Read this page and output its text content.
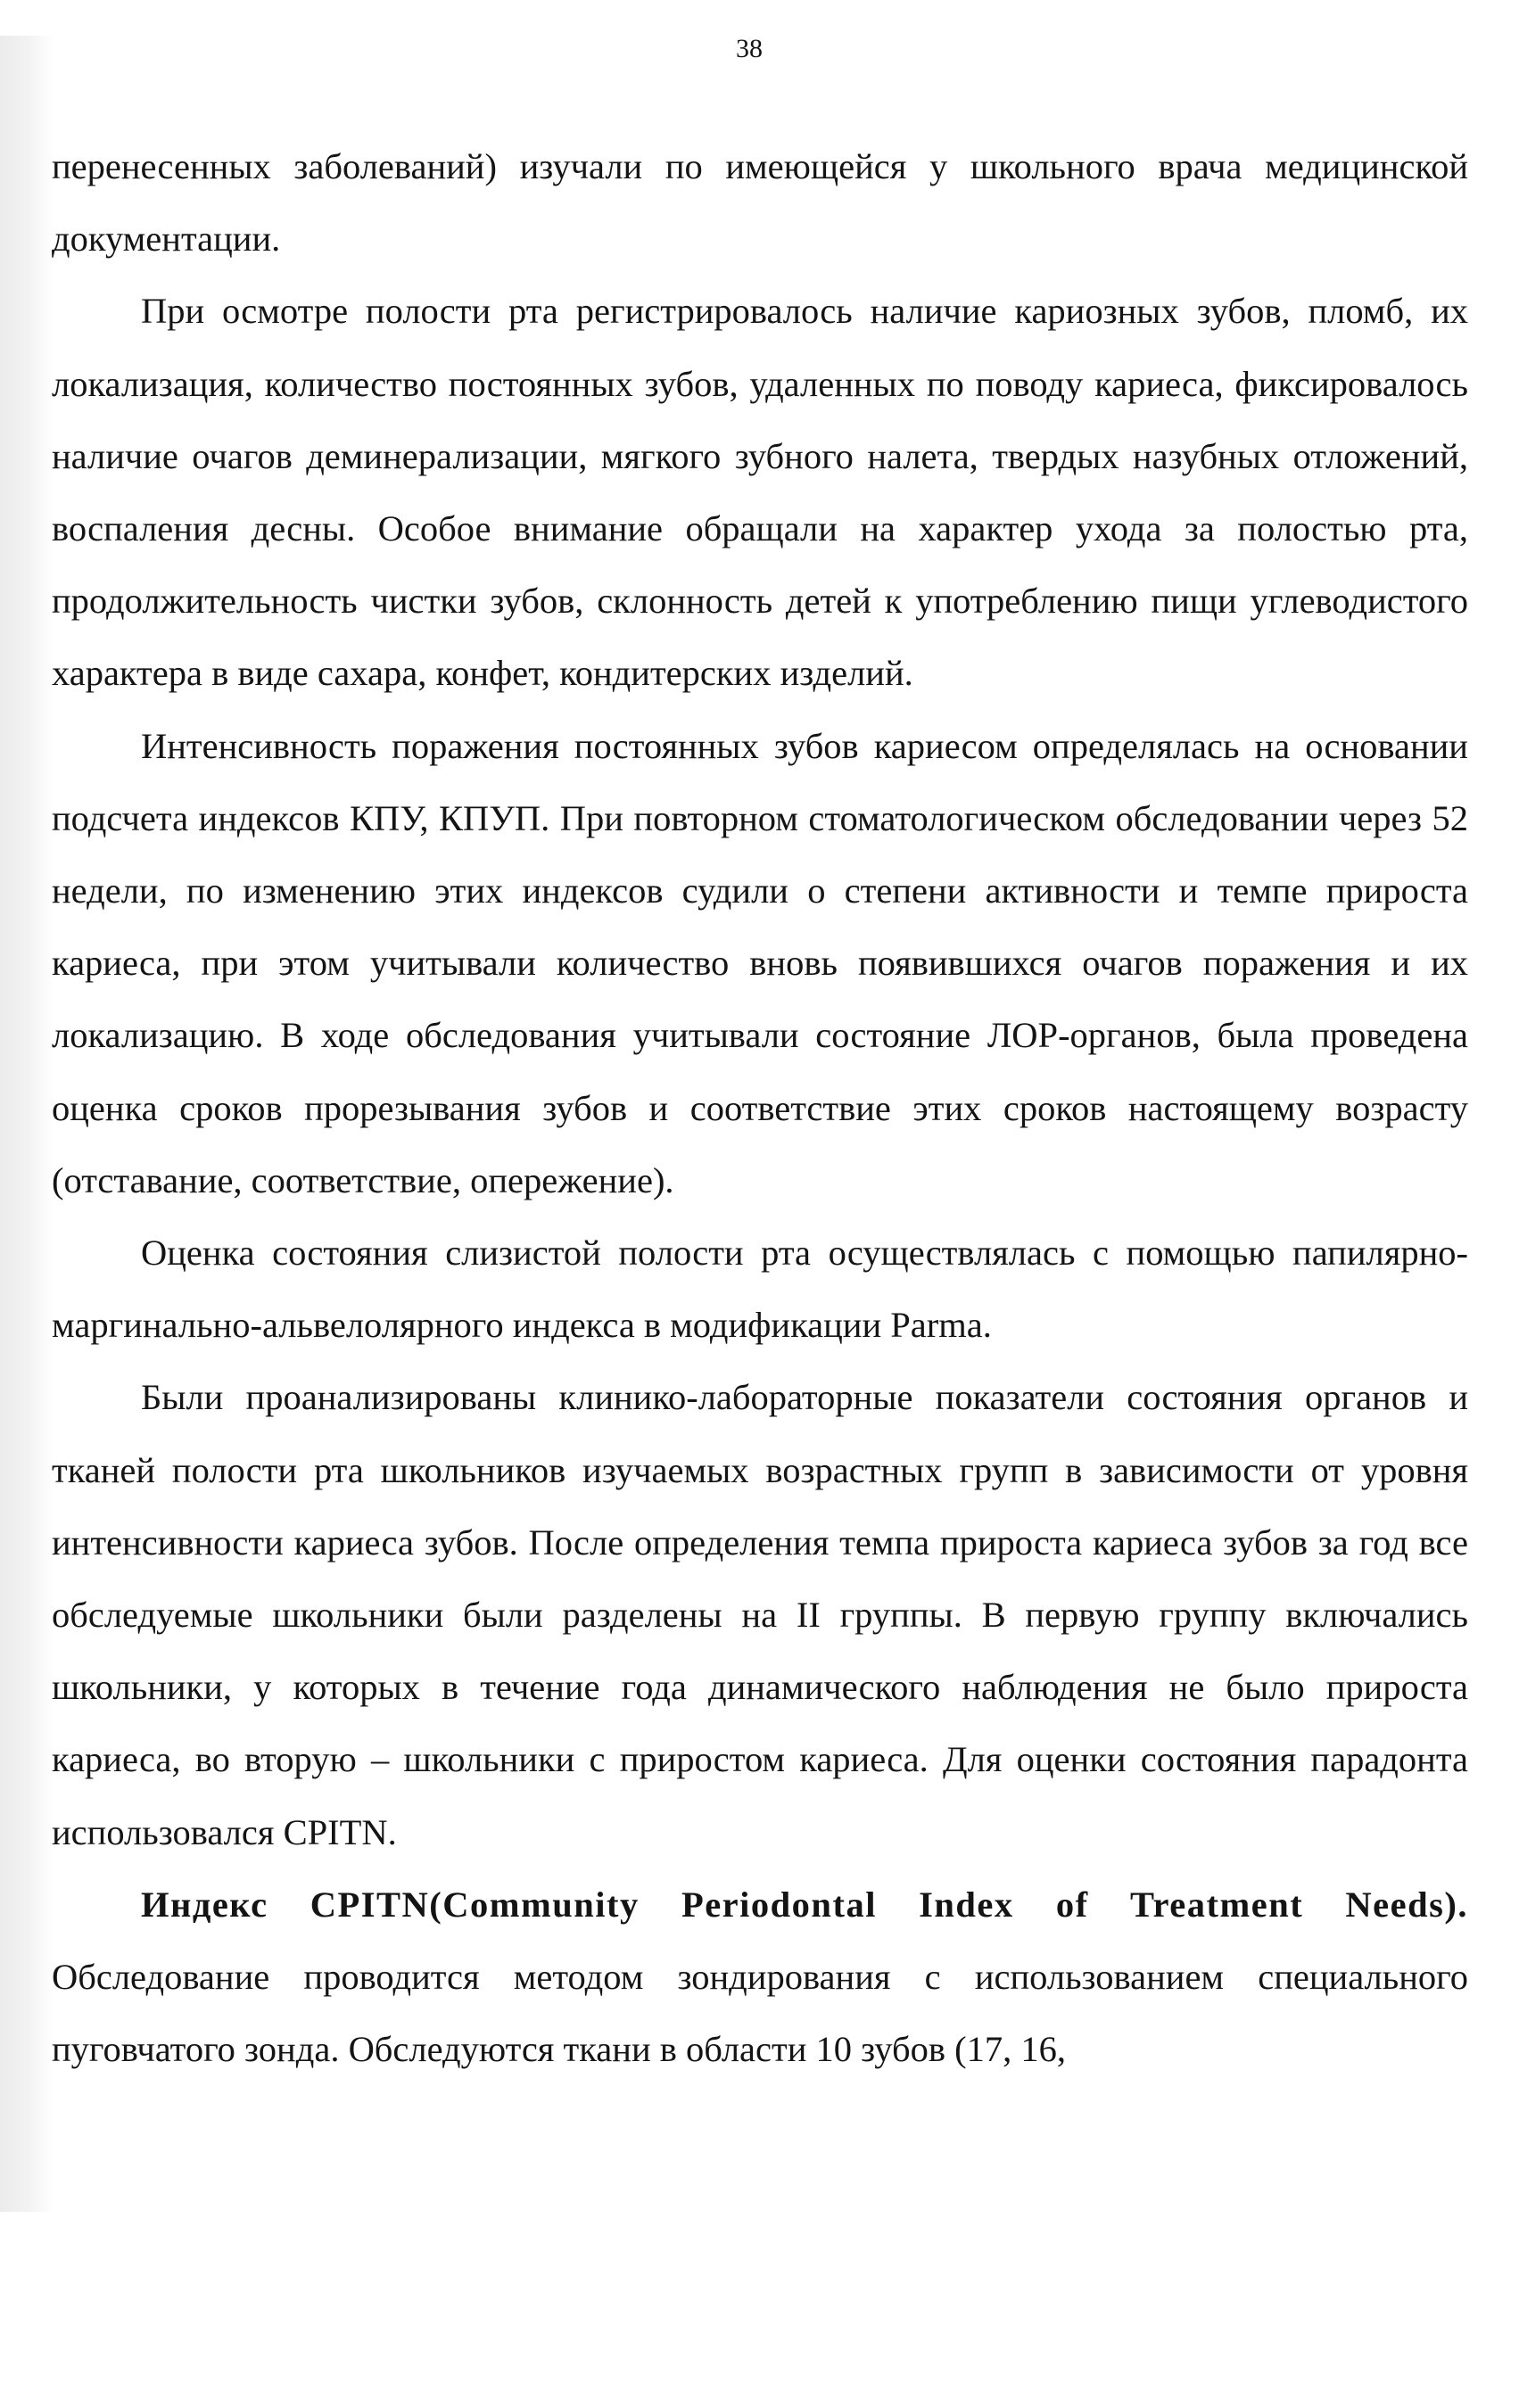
38

перенесенных заболеваний) изучали по имеющейся у школьного врача медицинской документации.

При осмотре полости рта регистрировалось наличие кариозных зубов, пломб, их локализация, количество постоянных зубов, удаленных по поводу кариеса, фиксировалось наличие очагов деминерализации, мягкого зубного налета, твердых назубных отложений, воспаления десны. Особое внимание обращали на характер ухода за полостью рта, продолжительность чистки зубов, склонность детей к употреблению пищи углеводистого характера в виде сахара, конфет, кондитерских изделий.

Интенсивность поражения постоянных зубов кариесом определялась на основании подсчета индексов КПУ, КПУП. При повторном стоматологическом обследовании через 52 недели, по изменению этих индексов судили о степени активности и темпе прироста кариеса, при этом учитывали количество вновь появившихся очагов поражения и их локализацию. В ходе обследования учитывали состояние ЛОР-органов, была проведена оценка сроков прорезывания зубов и соответствие этих сроков настоящему возрасту (отставание, соответствие, опережение).

Оценка состояния слизистой полости рта осуществлялась с помощью папилярно-маргинально-альвелолярного индекса в модификации Parma.

Были проанализированы клинико-лабораторные показатели состояния органов и тканей полости рта школьников изучаемых возрастных групп в зависимости от уровня интенсивности кариеса зубов. После определения темпа прироста кариеса зубов за год все обследуемые школьники были разделены на II группы. В первую группу включались школьники, у которых в течение года динамического наблюдения не было прироста кариеса, во вторую – школьники с приростом кариеса. Для оценки состояния парадонта использовался CPITN.

Индекс CPITN(Community Periodontal Index of Treatment Needs). Обследование проводится методом зондирования с использованием специального пуговчатого зонда. Обследуются ткани в области 10 зубов (17, 16,
